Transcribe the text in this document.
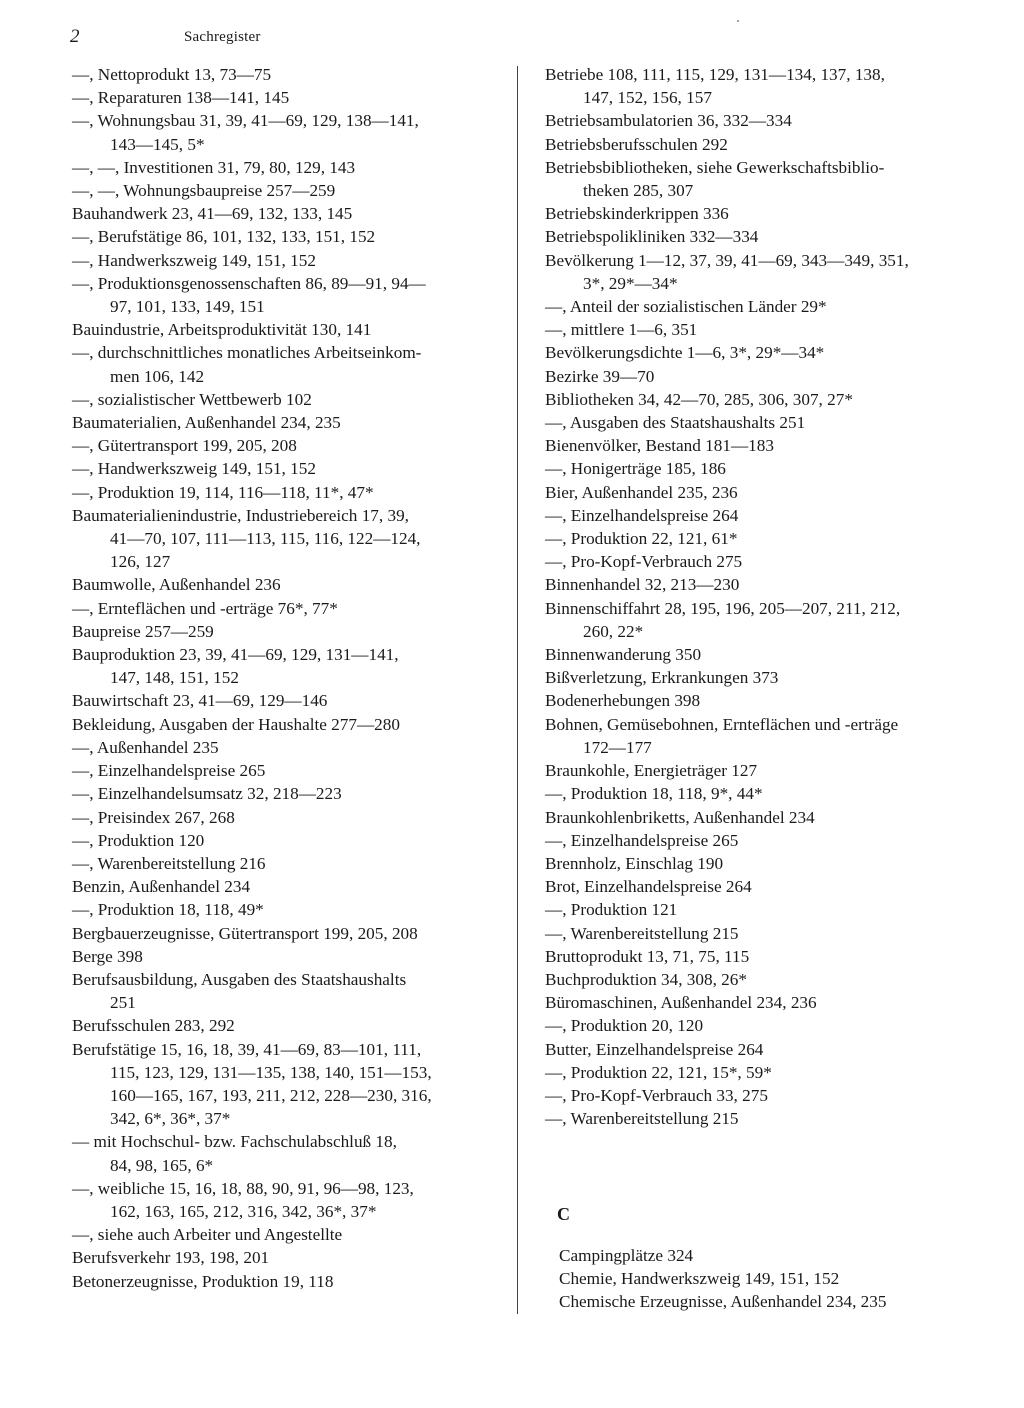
2	Sachregister
—, Nettoprodukt 13, 73—75
—, Reparaturen 138—141, 145
—, Wohnungsbau 31, 39, 41—69, 129, 138—141,
143—145, 5*
—, —, Investitionen 31, 79, 80, 129, 143
—, —, Wohnungsbaupreise 257—259
Bauhandwerk 23, 41—69, 132, 133, 145
—, Berufstätige 86, 101, 132, 133, 151, 152
—, Handwerkszweig 149, 151, 152
—, Produktionsgenossenschaften 86, 89—91, 94—
97, 101, 133, 149, 151
Bauindustrie, Arbeitsproduktivität 130, 141
—, durchschnittliches monatliches Arbeitseinkom-
men 106, 142
—, sozialistischer Wettbewerb 102
Baumaterialien, Außenhandel 234, 235
—, Gütertransport 199, 205, 208
—, Handwerkszweig 149, 151, 152
—, Produktion 19, 114, 116—118, 11*, 47*
Baumaterialienindustrie, Industriebereich 17, 39,
41—70, 107, 111—113, 115, 116, 122—124,
126, 127
Baumwolle, Außenhandel 236
—, Ernteflächen und -erträge 76*, 77*
Baupreise 257—259
Bauproduktion 23, 39, 41—69, 129, 131—141,
147, 148, 151, 152
Bauwirtschaft 23, 41—69, 129—146
Bekleidung, Ausgaben der Haushalte 277—280
—, Außenhandel 235
—, Einzelhandelspreise 265
—, Einzelhandelsumsatz 32, 218—223
—, Preisindex 267, 268
—, Produktion 120
—, Warenbereitstellung 216
Benzin, Außenhandel 234
—, Produktion 18, 118, 49*
Bergbauerzeugnisse, Gütertransport 199, 205, 208
Berge 398
Berufsausbildung, Ausgaben des Staatshaushalts
251
Berufsschulen 283, 292
Berufstätige 15, 16, 18, 39, 41—69, 83—101, 111,
115, 123, 129, 131—135, 138, 140, 151—153,
160—165, 167, 193, 211, 212, 228—230, 316,
342, 6*, 36*, 37*
— mit Hochschul- bzw. Fachschulabschluß 18,
84, 98, 165, 6*
—, weibliche 15, 16, 18, 88, 90, 91, 96—98, 123,
162, 163, 165, 212, 316, 342, 36*, 37*
—, siehe auch Arbeiter und Angestellte
Berufsverkehr 193, 198, 201
Betonerzeugnisse, Produktion 19, 118
Betriebe 108, 111, 115, 129, 131—134, 137, 138,
147, 152, 156, 157
Betriebsambulatorien 36, 332—334
Betriebsberufsschulen 292
Betriebsbibliotheken, siehe Gewerkschaftsbiblio-
theken 285, 307
Betriebskinderkrippen 336
Betriebspolikliniken 332—334
Bevölkerung 1—12, 37, 39, 41—69, 343—349, 351,
3*, 29*—34*
—, Anteil der sozialistischen Länder 29*
—, mittlere 1—6, 351
Bevölkerungsdichte 1—6, 3*, 29*—34*
Bezirke 39—70
Bibliotheken 34, 42—70, 285, 306, 307, 27*
—, Ausgaben des Staatshaushalts 251
Bienenvölker, Bestand 181—183
—, Honigerträge 185, 186
Bier, Außenhandel 235, 236
—, Einzelhandelspreise 264
—, Produktion 22, 121, 61*
—, Pro-Kopf-Verbrauch 275
Binnenhandel 32, 213—230
Binnenschiffahrt 28, 195, 196, 205—207, 211, 212,
260, 22*
Binnenwanderung 350
Bißverletzung, Erkrankungen 373
Bodenerhebungen 398
Bohnen, Gemüsebohnen, Ernteflächen und -erträge
172—177
Braunkohle, Energieträger 127
—, Produktion 18, 118, 9*, 44*
Braunkohlenbriketts, Außenhandel 234
—, Einzelhandelspreise 265
Brennholz, Einschlag 190
Brot, Einzelhandelspreise 264
—, Produktion 121
—, Warenbereitstellung 215
Bruttoprodukt 13, 71, 75, 115
Buchproduktion 34, 308, 26*
Büromaschinen, Außenhandel 234, 236
—, Produktion 20, 120
Butter, Einzelhandelspreise 264
—, Produktion 22, 121, 15*, 59*
—, Pro-Kopf-Verbrauch 33, 275
—, Warenbereitstellung 215
C
Campingplätze 324
Chemie, Handwerkszweig 149, 151, 152
Chemische Erzeugnisse, Außenhandel 234, 235
